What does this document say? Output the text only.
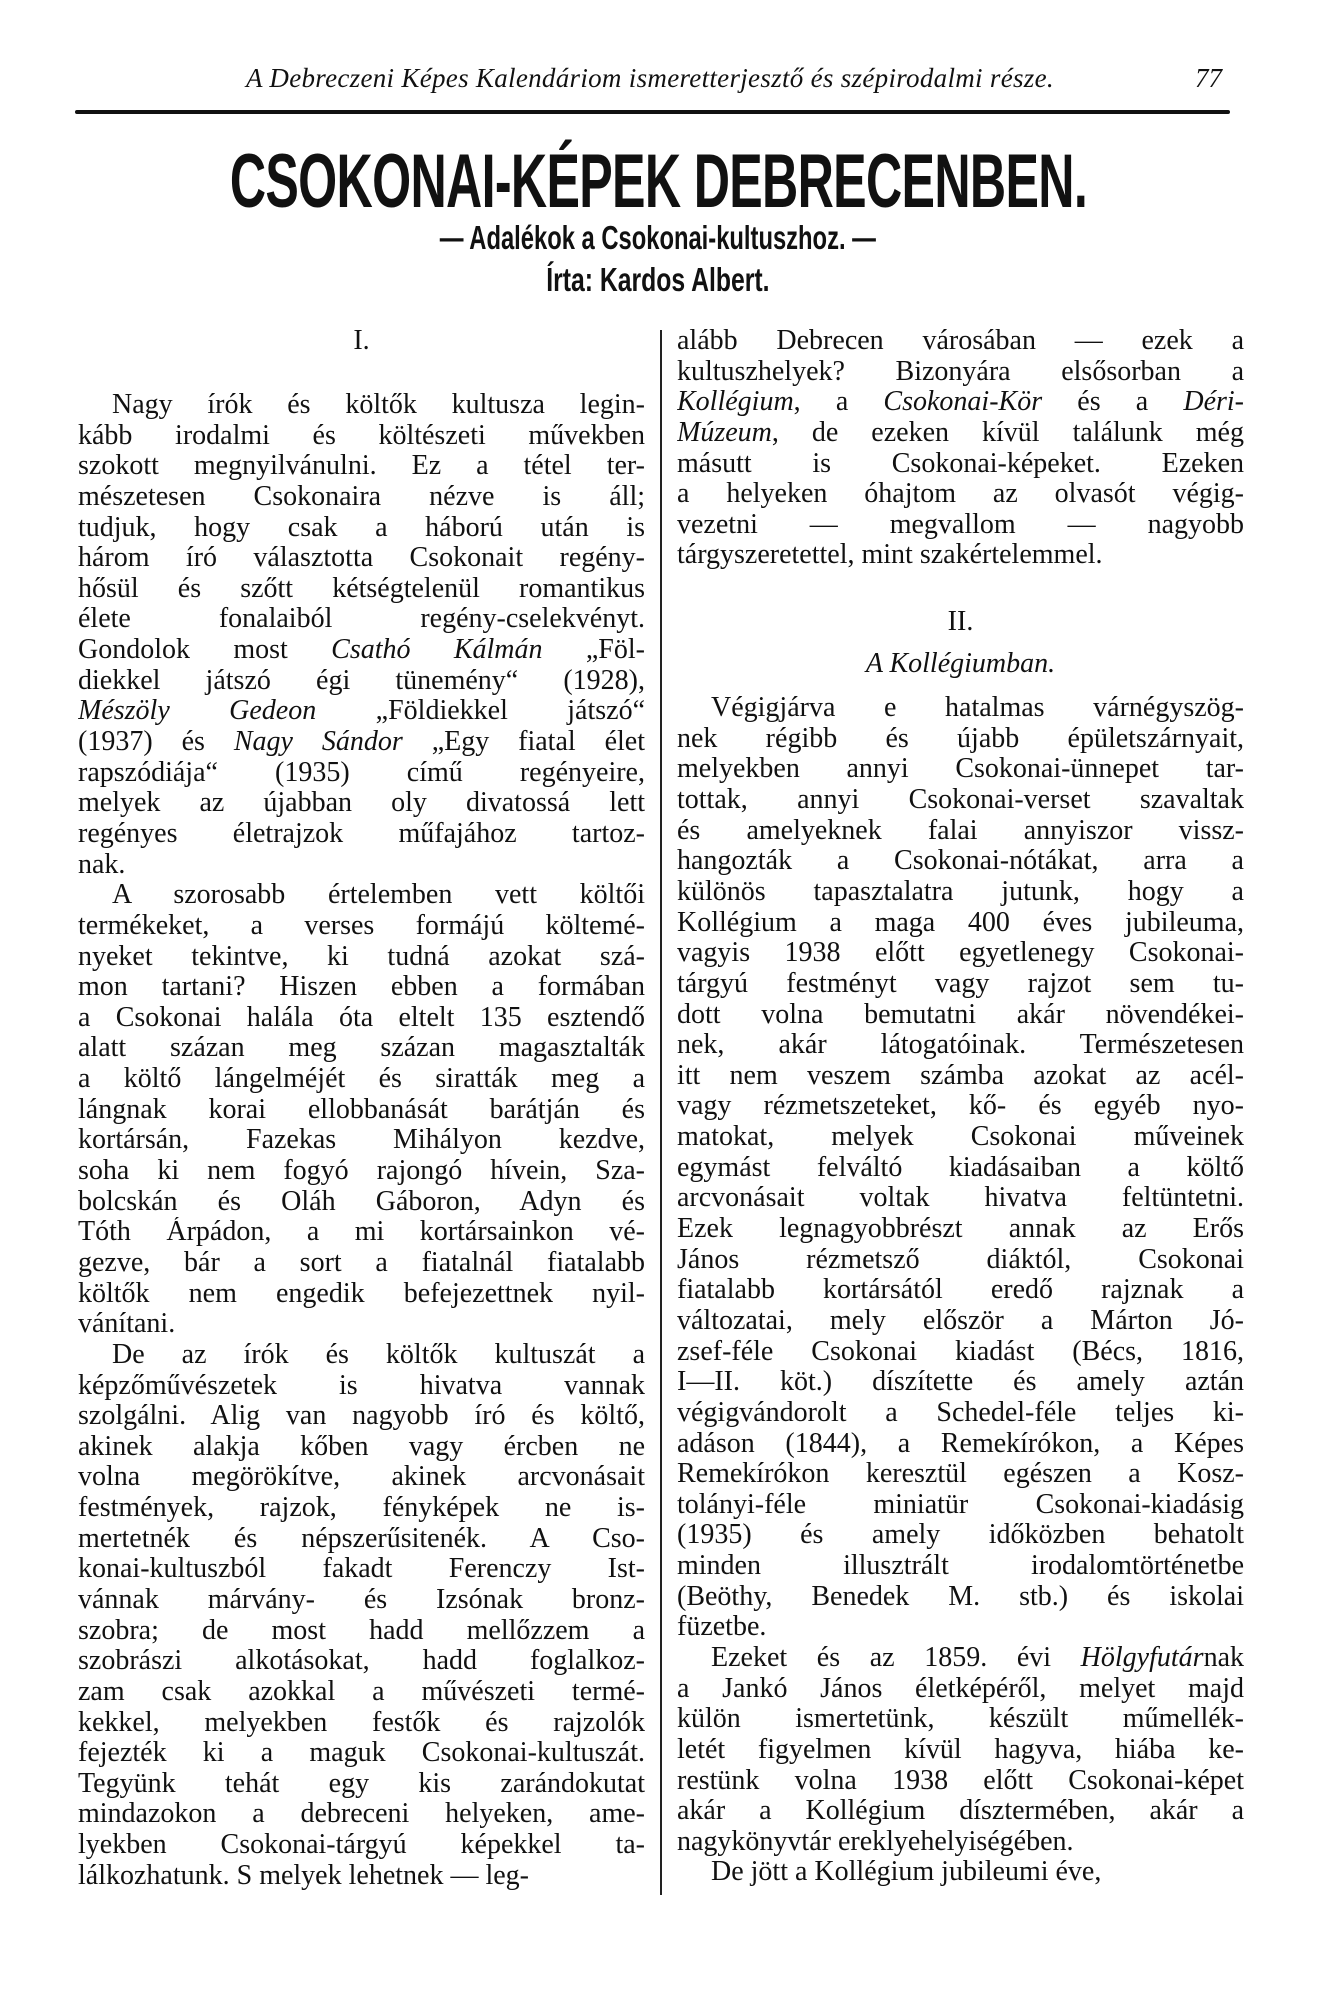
A Debreczeni Képes Kalendáriom ismeretterjesztő és szépirodalmi része.	77
CSOKONAI-KÉPEK DEBRECENBEN.
— Adalékok a Csokonai-kultuszhoz. —
Írta: Kardos Albert.
I.
Nagy írók és költők kultusza legin-
kább irodalmi és költészeti művekben
szokott megnyilvánulni. Ez a tétel ter-
mészetesen Csokonaira nézve is áll;
tudjuk, hogy csak a háború után is
három író választotta Csokonait regény-
hősül és szőtt kétségtelenül romantikus
élete fonalaiból regény-cselekvényt.
Gondolok most Csathó Kálmán „Föl-
diekkel játszó égi tünemény“ (1928),
Mészöly Gedeon „Földiekkel játszó“
(1937) és Nagy Sándor „Egy fiatal élet
rapszódiája“ (1935) című regényeire,
melyek az újabban oly divatossá lett
regényes életrajzok műfajához tartoz-
nak.
A szorosabb értelemben vett költői
termékeket, a verses formájú költemé-
nyeket tekintve, ki tudná azokat szá-
mon tartani? Hiszen ebben a formában
a Csokonai halála óta eltelt 135 esztendő
alatt százan meg százan magasztalták
a költő lángelméjét és siratták meg a
lángnak korai ellobbanását barátján és
kortársán, Fazekas Mihályon kezdve,
soha ki nem fogyó rajongó hívein, Sza-
bolcskán és Oláh Gáboron, Adyn és
Tóth Árpádon, a mi kortársainkon vé-
gezve, bár a sort a fiatalnál fiatalabb
költők nem engedik befejezettnek nyil-
vánítani.
De az írók és költők kultuszát a
képzőművészetek is hivatva vannak
szolgálni. Alig van nagyobb író és költő,
akinek alakja kőben vagy ércben ne
volna megörökítve, akinek arcvonásait
festmények, rajzok, fényképek ne is-
mertetnék és népszerűsitenék. A Cso-
konai-kultuszból fakadt Ferenczy Ist-
vánnak márvány- és Izsónak bronz-
szobra; de most hadd mellőzzem a
szobrászi alkotásokat, hadd foglalkoz-
zam csak azokkal a művészeti termé-
kekkel, melyekben festők és rajzolók
fejezték ki a maguk Csokonai-kultuszát.
Tegyünk tehát egy kis zarándokutat
mindazokon a debreceni helyeken, ame-
lyekben Csokonai-tárgyú képekkel ta-
lálkozhatunk. S melyek lehetnek — leg-
alább Debrecen városában — ezek a
kultuszhelyek? Bizonyára elsősorban a
Kollégium, a Csokonai-Kör és a Déri-
Múzeum, de ezeken kívül találunk még
másutt is Csokonai-képeket. Ezeken
a helyeken óhajtom az olvasót végig-
vezetni — megvallom — nagyobb
tárgyszeretettel, mint szakértelemmel.
II.
A Kollégiumban.
Végigjárva e hatalmas várnégyszög-
nek régibb és újabb épületszárnyait,
melyekben annyi Csokonai-ünnepet tar-
tottak, annyi Csokonai-verset szavaltak
és amelyeknek falai annyiszor vissz-
hangozták a Csokonai-nótákat, arra a
különös tapasztalatra jutunk, hogy a
Kollégium a maga 400 éves jubileuma,
vagyis 1938 előtt egyetlenegy Csokonai-
tárgyú festményt vagy rajzot sem tu-
dott volna bemutatni akár növendékei-
nek, akár látogatóinak. Természetesen
itt nem veszem számba azokat az acél-
vagy rézmetszeteket, kő- és egyéb nyo-
matokat, melyek Csokonai műveinek
egymást felváltó kiadásaiban a költő
arcvonásait voltak hivatva feltüntetni.
Ezek legnagyobbrészt annak az Erős
János rézmetsző diáktól, Csokonai
fiatalabb kortársától eredő rajznak a
változatai, mely először a Márton Jó-
zsef-féle Csokonai kiadást (Bécs, 1816,
I—II. köt.) díszítette és amely aztán
végigvándorolt a Schedel-féle teljes ki-
adáson (1844), a Remekírókon, a Képes
Remekírókon keresztül egészen a Kosz-
tolányi-féle miniatür Csokonai-kiadásig
(1935) és amely időközben behatolt
minden illusztrált irodalomtörténetbe
(Beöthy, Benedek M. stb.) és iskolai
füzetbe.
Ezeket és az 1859. évi Hölgyfutárnak
a Jankó János életképéről, melyet majd
külön ismertetünk, készült műmellék-
letét figyelmen kívül hagyva, hiába ke-
restünk volna 1938 előtt Csokonai-képet
akár a Kollégium dísztermében, akár a
nagykönyvtár ereklyehelyiségében.
De jött a Kollégium jubileumi éve,
